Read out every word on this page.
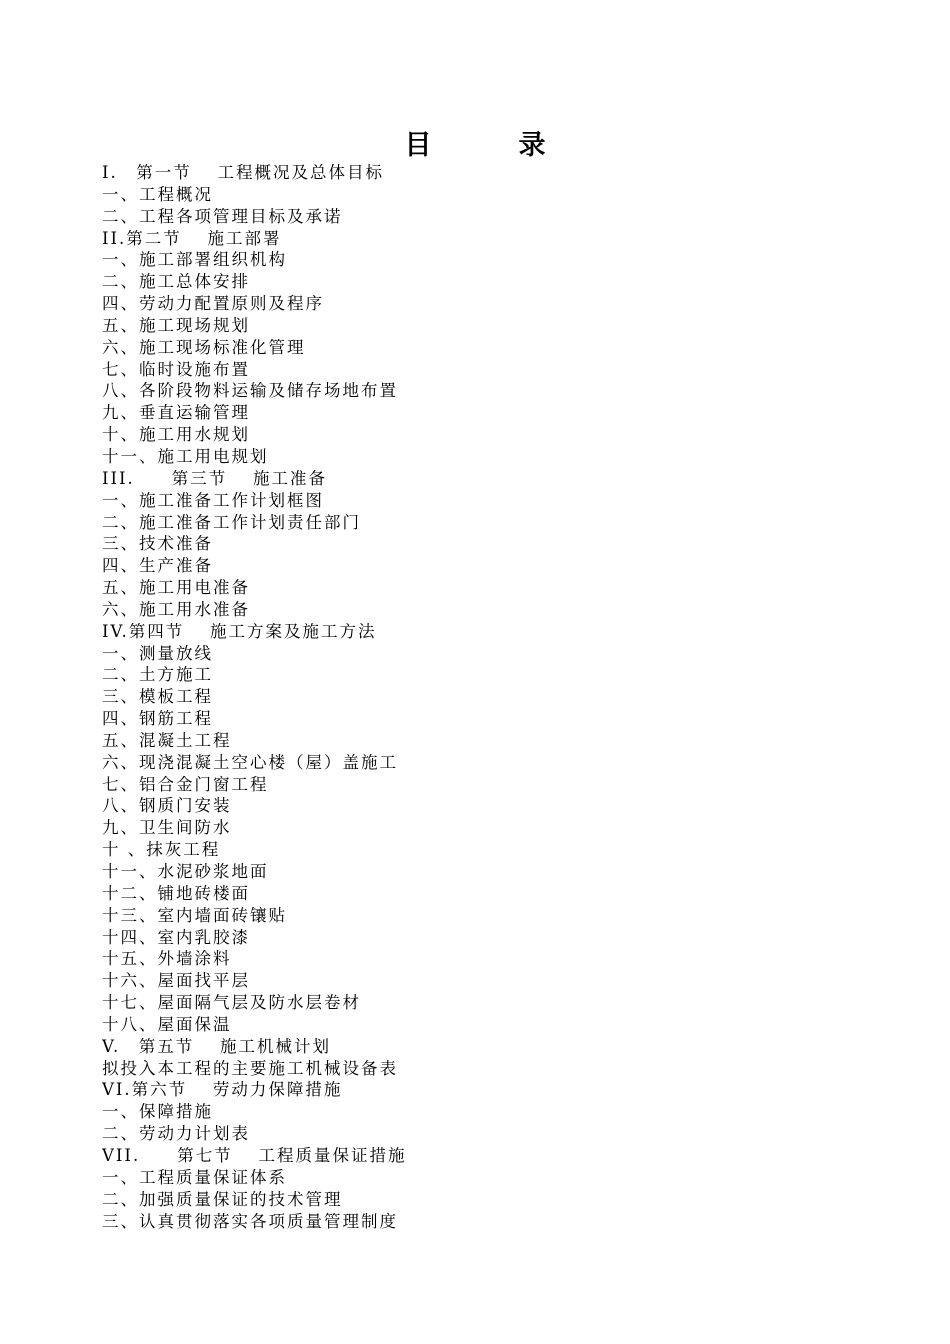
目　录
I.　第一节　 工程概况及总体目标
一、工程概况
二、工程各项管理目标及承诺
II.第二节　 施工部署
一、施工部署组织机构
二、施工总体安排
四、劳动力配置原则及程序
五、施工现场规划
六、施工现场标准化管理
七、临时设施布置
八、各阶段物料运输及储存场地布置
九、垂直运输管理
十、施工用水规划
十一、施工用电规划
III.　　第三节　 施工准备
一、施工准备工作计划框图
二、施工准备工作计划责任部门
三、技术准备
四、生产准备
五、施工用电准备
六、施工用水准备
IV.第四节　 施工方案及施工方法
一、测量放线
二、土方施工
三、模板工程
四、钢筋工程
五、混凝土工程
六、现浇混凝土空心楼（屋）盖施工
七、铝合金门窗工程
八、钢质门安装
九、卫生间防水
十 、抹灰工程
十一、水泥砂浆地面
十二、铺地砖楼面
十三、室内墙面砖镶贴
十四、室内乳胶漆
十五、外墙涂料
十六、屋面找平层
十七、屋面隔气层及防水层卷材
十八、屋面保温
V.　第五节　 施工机械计划
拟投入本工程的主要施工机械设备表
VI.第六节　 劳动力保障措施
一、保障措施
二、劳动力计划表
VII.　　第七节　 工程质量保证措施
一、工程质量保证体系
二、加强质量保证的技术管理
三、认真贯彻落实各项质量管理制度
